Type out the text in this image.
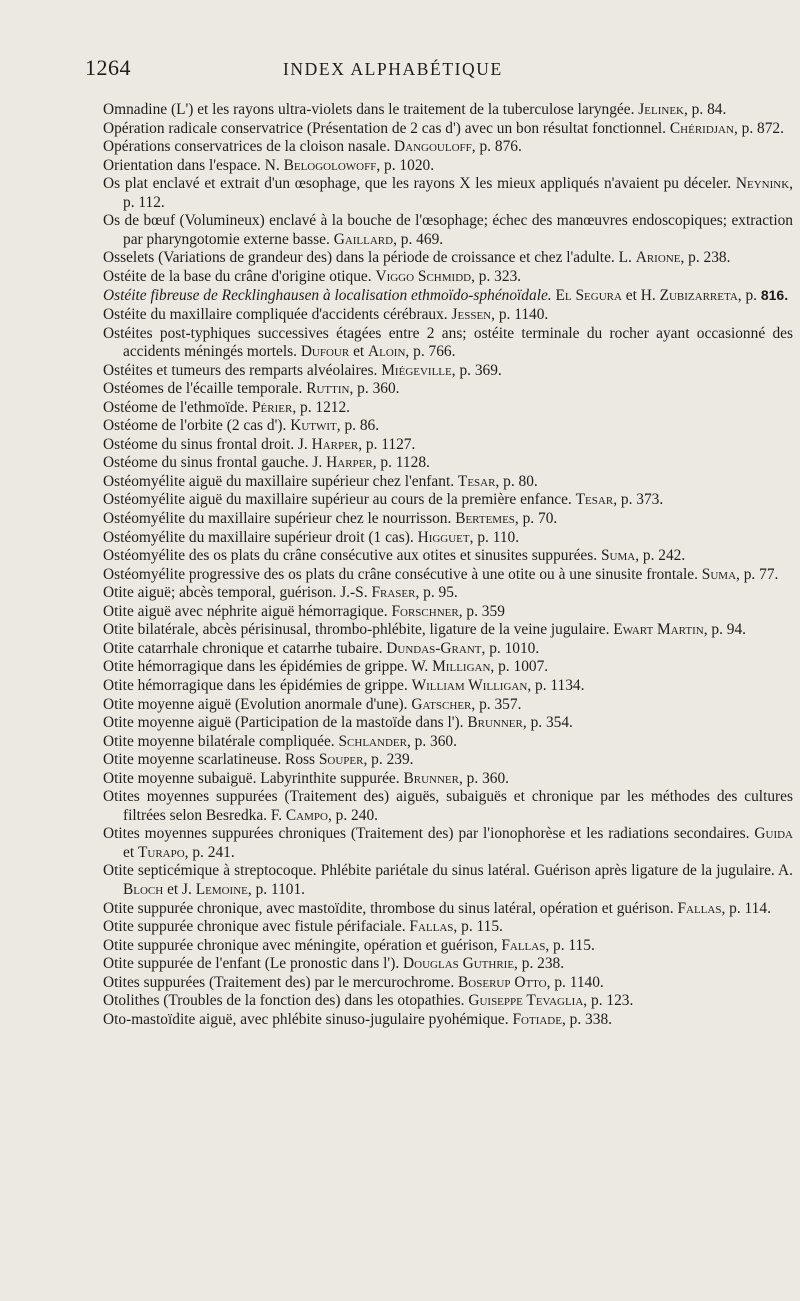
1264	INDEX ALPHABÉTIQUE
Omnadine (L') et les rayons ultra-violets dans le traitement de la tuberculose laryngée. Jelinek, p. 84.
Opération radicale conservatrice (Présentation de 2 cas d') avec un bon résultat fonctionnel. Chéridjan, p. 872.
Opérations conservatrices de la cloison nasale. Dangouloff, p. 876.
Orientation dans l'espace. N. Belogolowoff, p. 1020.
Os plat enclavé et extrait d'un œsophage, que les rayons X les mieux appliqués n'avaient pu déceler. Neynink, p. 112.
Os de bœuf (Volumineux) enclavé à la bouche de l'œsophage; échec des manœuvres endoscopiques; extraction par pharyngotomie externe basse. Gaillard, p. 469.
Osselets (Variations de grandeur des) dans la période de croissance et chez l'adulte. L. Arione, p. 238.
Ostéite de la base du crâne d'origine otique. Viggo Schmidd, p. 323.
Ostéite fibreuse de Recklinghausen à localisation ethmoïdo-sphénoïdale. El Segura et H. Zubizarreta, p. 816.
Ostéite du maxillaire compliquée d'accidents cérébraux. Jessen, p. 1140.
Ostéites post-typhiques successives étagées entre 2 ans; ostéite terminale du rocher ayant occasionné des accidents méningés mortels. Dufour et Aloin, p. 766.
Ostéites et tumeurs des remparts alvéolaires. Miégeville, p. 369.
Ostéomes de l'écaille temporale. Ruttin, p. 360.
Ostéome de l'ethmoïde. Périer, p. 1212.
Ostéome de l'orbite (2 cas d'). Kutwit, p. 86.
Ostéome du sinus frontal droit. J. Harper, p. 1127.
Ostéome du sinus frontal gauche. J. Harper, p. 1128.
Ostéomyélite aiguë du maxillaire supérieur chez l'enfant. Tesar, p. 80.
Ostéomyélite aiguë du maxillaire supérieur au cours de la première enfance. Tesar, p. 373.
Ostéomyélite du maxillaire supérieur chez le nourrisson. Bertemes, p. 70.
Ostéomyélite du maxillaire supérieur droit (1 cas). Higguet, p. 110.
Ostéomyélite des os plats du crâne consécutive aux otites et sinusites suppurées. Suma, p. 242.
Ostéomyélite progressive des os plats du crâne consécutive à une otite ou à une sinusite frontale. Suma, p. 77.
Otite aiguë; abcès temporal, guérison. J.-S. Fraser, p. 95.
Otite aiguë avec néphrite aiguë hémorragique. Forschner, p. 359
Otite bilatérale, abcès périsinusal, thrombo-phlébite, ligature de la veine jugulaire. Ewart Martin, p. 94.
Otite catarrhale chronique et catarrhe tubaire. Dundas-Grant, p. 1010.
Otite hémorragique dans les épidémies de grippe. W. Milligan, p. 1007.
Otite hémorragique dans les épidémies de grippe. William Willigan, p. 1134.
Otite moyenne aiguë (Evolution anormale d'une). Gatscher, p. 357.
Otite moyenne aiguë (Participation de la mastoïde dans l'). Brunner, p. 354.
Otite moyenne bilatérale compliquée. Schlander, p. 360.
Otite moyenne scarlatineuse. Ross Souper, p. 239.
Otite moyenne subaiguë. Labyrinthite suppurée. Brunner, p. 360.
Otites moyennes suppurées (Traitement des) aiguës, subaiguës et chronique par les méthodes des cultures filtrées selon Besredka. F. Campo, p. 240.
Otites moyennes suppurées chroniques (Traitement des) par l'ionophorèse et les radiations secondaires. Guida et Turapo, p. 241.
Otite septicémique à streptocoque. Phlébite pariétale du sinus latéral. Guérison après ligature de la jugulaire. A. Bloch et J. Lemoine, p. 1101.
Otite suppurée chronique, avec mastoïdite, thrombose du sinus latéral, opération et guérison. Fallas, p. 114.
Otite suppurée chronique avec fistule périfaciale. Fallas, p. 115.
Otite suppurée chronique avec méningite, opération et guérison, Fallas, p. 115.
Otite suppurée de l'enfant (Le pronostic dans l'). Douglas Guthrie, p. 238.
Otites suppurées (Traitement des) par le mercurochrome. Boserup Otto, p. 1140.
Otolithes (Troubles de la fonction des) dans les otopathies. Guiseppe Tevaglia, p. 123.
Oto-mastoïdite aiguë, avec phlébite sinuso-jugulaire pyohémique. Fotiade, p. 338.
